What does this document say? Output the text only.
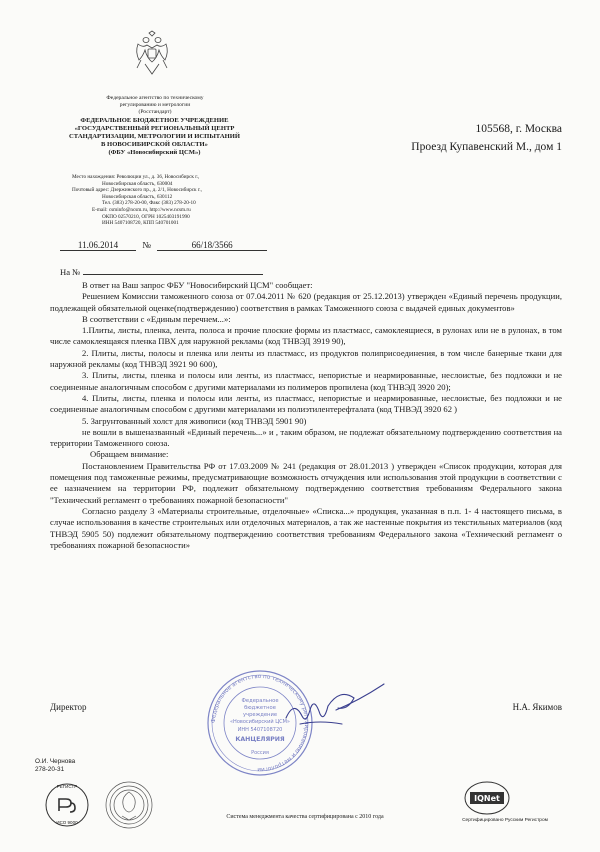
Федеральное агентство по техническому
регулированию и метрологии
(Росстандарт)
ФЕДЕРАЛЬНОЕ БЮДЖЕТНОЕ УЧРЕЖДЕНИЕ
«ГОСУДАРСТВЕННЫЙ РЕГИОНАЛЬНЫЙ ЦЕНТР
СТАНДАРТИЗАЦИИ, МЕТРОЛОГИИ И ИСПЫТАНИЙ
В НОВОСИБИРСКОЙ ОБЛАСТИ»
(ФБУ «Новосибирский ЦСМ»)
Место нахождения: Революции ул., д. 36, Новосибирск г.,
Новосибирская область, 630004
Почтовый адрес: Дзержинского пр., д. 2/1, Новосибирск г.,
Новосибирская область, 630112
Тел. (383) 278-20-00, Факс (383) 278-20-10
E-mail: csminfo@ncsm.ru, http://www.ncsm.ru
ОКПО 02570210, ОГРН 1025403191990
ИНН 5407108720, КПП 540701001
11.06.2014	№	66/18/3566
На №
105568, г. Москва
Проезд Купавенский М., дом 1

В ответ на Ваш запрос ФБУ "Новосибирский ЦСМ" сообщает:

Решением Комиссии таможенного союза от 07.04.2011 № 620 (редакция от 25.12.2013) утвержден «Единый перечень продукции, подлежащей обязательной оценке(подтверждению) соответствия в рамках Таможенного союза с выдачей единых документов»

В соответствии с «Единым перечнем...»:

1.Плиты, листы, пленка, лента, полоса и прочие плоские формы из пластмасс, самоклеящиеся, в рулонах или не в рулонах, в том числе самоклеящаяся пленка ПВХ для наружной рекламы (код ТНВЭД 3919 90),

2. Плиты, листы, полосы и пленка или ленты из пластмасс, из продуктов полиприсоединения, в том числе банерные ткани для наружной рекламы (код ТНВЭД 3921 90 600),

3. Плиты, листы, пленка и полосы или ленты, из пластмасс, непористые и неармированные, неслоистые, без подложки и не соединенные аналогичным способом с другими материалами из полимеров пропилена (код ТНВЭД 3920 20);

4. Плиты, листы, пленка и полосы или ленты, из пластмасс, непористые и неармированные, неслоистые, без подложки и не соединенные аналогичным способом с другими материалами из полиэтилентерефталата (код ТНВЭД 3920 62 )

5. Загрунтованный холст для живописи (код ТНВЭД 5901 90)

не вошли в вышеназванный «Единый перечень...» и , таким образом, не подлежат обязательному подтверждению соответствия на территории Таможенного союза.

Обращаем внимание:

Постановлением Правительства РФ от 17.03.2009 № 241 (редакция от 28.01.2013 ) утвержден «Список продукции, которая для помещения под таможенные режимы, предусматривающие возможность отчуждения или использования этой продукции в соответствии с ее назначением на территории РФ, подлежит обязательному подтверждению соответствия требованиям Федерального закона "Технический регламент о требованиях пожарной безопасности"

Согласно разделу 3 «Материалы строительные, отделочные» «Списка...» продукция, указанная в п.п. 1- 4 настоящего письма, в случае использования в качестве строительных или отделочных материалов, а так же настенные покрытия из текстильных материалов (код ТНВЭД 5905 50) подлежит обязательному подтверждению соответствия требованиям Федерального закона «Технический регламент о требованиях пожарной безопасности»

Федеральное агентство по техническому регулированию и метрологии
Федеральное
бюджетное
учреждение
«Новосибирский ЦСМ»
ИНН 5407108720
КАНЦЕЛЯРИЯ
Россия
Директор	Н.А. Якимов
О.И. Чернова
278-20-31
РЕГИСТР
ИСО 9000
Система менеджмента качества сертифицирована с 2010 года
IQNet
Сертифицировано Русским Регистром
